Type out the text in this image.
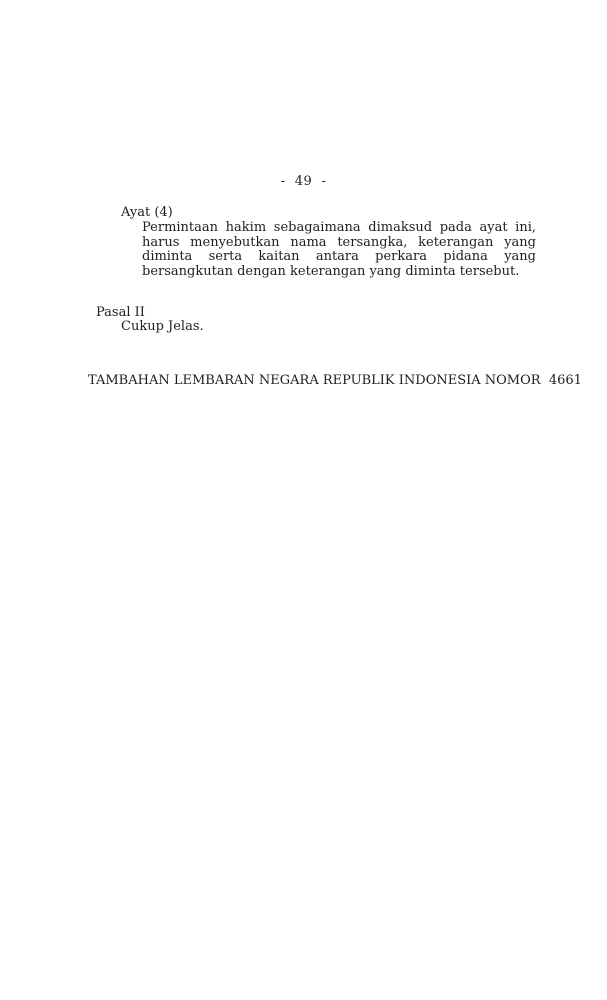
-  49  -
Ayat (4)
Permintaan hakim sebagaimana dimaksud pada ayat ini, harus menyebutkan nama tersangka, keterangan yang diminta serta kaitan antara perkara pidana yang bersangkutan dengan keterangan yang diminta tersebut.
Pasal II
Cukup Jelas.
TAMBAHAN LEMBARAN NEGARA REPUBLIK INDONESIA NOMOR  4661
